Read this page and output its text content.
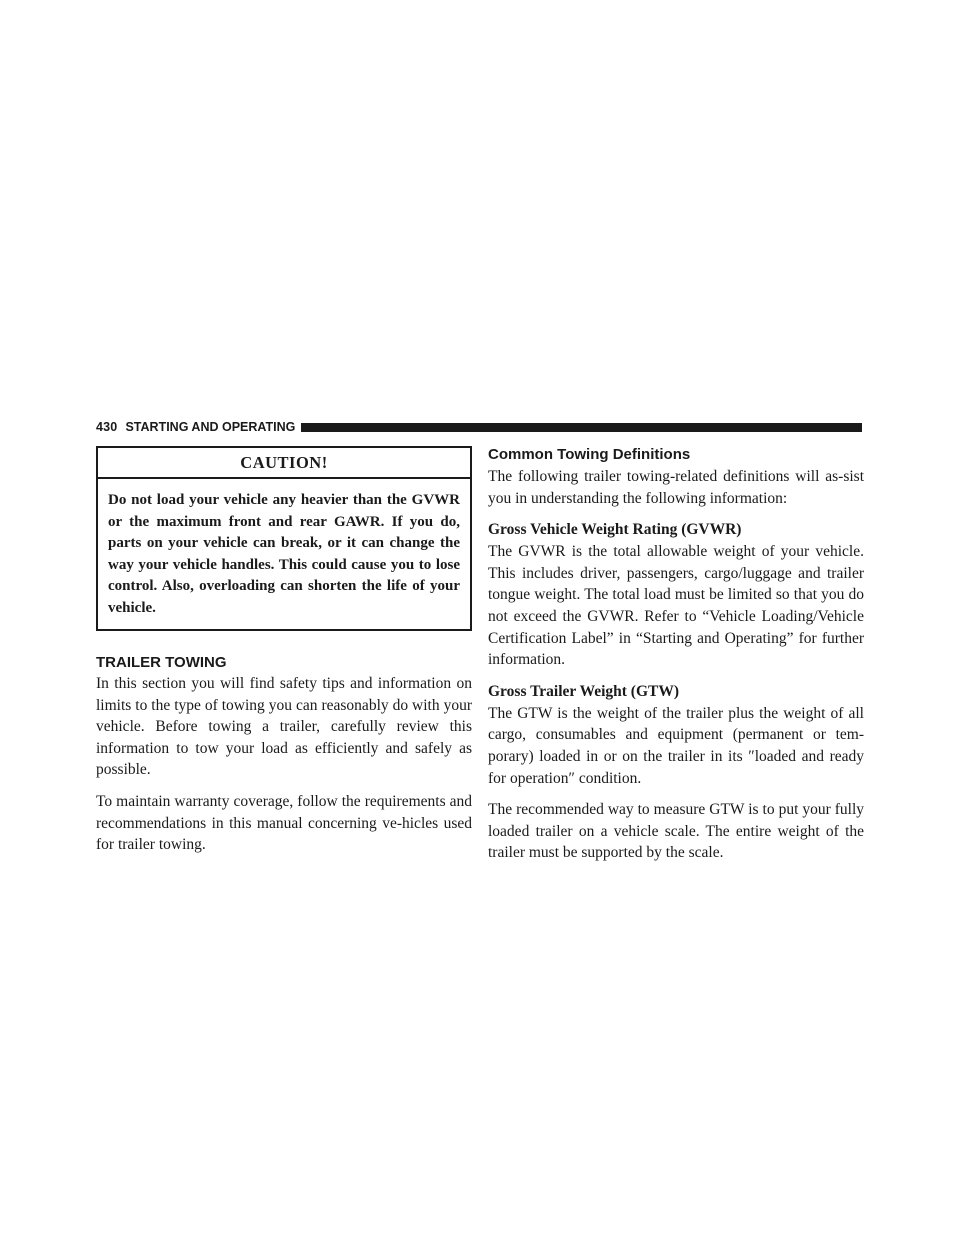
430 STARTING AND OPERATING
CAUTION!
Do not load your vehicle any heavier than the GVWR or the maximum front and rear GAWR. If you do, parts on your vehicle can break, or it can change the way your vehicle handles. This could cause you to lose control. Also, overloading can shorten the life of your vehicle.
TRAILER TOWING

In this section you will find safety tips and information on limits to the type of towing you can reasonably do with your vehicle. Before towing a trailer, carefully review this information to tow your load as efficiently and safely as possible.

To maintain warranty coverage, follow the requirements and recommendations in this manual concerning ve-hicles used for trailer towing.

Common Towing Definitions

The following trailer towing-related definitions will as-sist you in understanding the following information:

Gross Vehicle Weight Rating (GVWR)

The GVWR is the total allowable weight of your vehicle. This includes driver, passengers, cargo/luggage and trailer tongue weight. The total load must be limited so that you do not exceed the GVWR. Refer to “Vehicle Loading/Vehicle Certification Label” in “Starting and Operating” for further information.

Gross Trailer Weight (GTW)

The GTW is the weight of the trailer plus the weight of all cargo, consumables and equipment (permanent or tem-porary) loaded in or on the trailer in its ″loaded and ready for operation″ condition.

The recommended way to measure GTW is to put your fully loaded trailer on a vehicle scale. The entire weight of the trailer must be supported by the scale.
